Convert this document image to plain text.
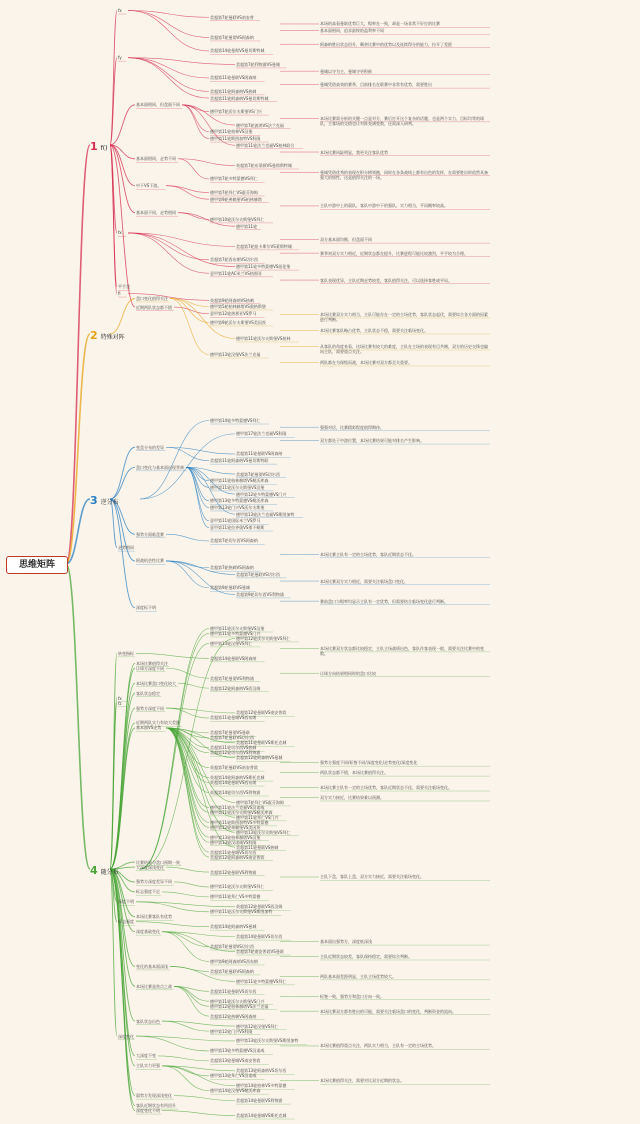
思维矩阵
1 f()
2 特殊对阵
3 逆分布
4 随分布
fx
美超第7轮曼联VS南安普
本场的高看曼联优势巨大，赔率在一致，却是一场非常不好打的比赛
基本面相同，追求最终的盈利率不同
美超第7轮曼彻VS阿森纳
阿森纳胜出状态回升，剩余比赛中的优势以及连续得分的能力，拉开了差距
美超第14轮曼彻VS曼切斯特城
fy
美超第7轮利物浦VS曼城
曼城以守为主，曼城守更积极
美超第11轮曼联VS阿森纳
曼城凭借高效的赛季，目前排名在联赛中非常有优势，需要胜出
美超第11轮阿森纳VS热刺
美超第11轮阿森纳VS曼切斯特城
基本面相同，但盘面不同
德甲第7轮沃尔夫斯堡VS门兴
本场比赛需分析的关键一点是对方，赛后打开这个复杂的话题，也是两个实力、目标均等的球队，主客场的交错也让对阵充满变数，还需深入研判。
德甲第7轮波鸿VS法兰克福
德甲第11轮柏林VS汉堡
德甲第11轮斯图加特VS科隆
德甲第11轮法兰克福VS柏林联合
本场比赛风险明显，我更关注客队优势
基本面相同，走势不同
英超第7轮布莱顿VS曼彻斯特城
曼城凭借优秀的表现在积分榜领跑，同时在各条战线上都有出色的发挥，在需要胜出时依然具备强大的韧性，这是值得关注的一场。
德甲第7轮多特蒙德VS拜仁
中下VS下游。
德甲第7轮拜仁VS霍芬海姆
德甲第9轮弗赖堡VS柏林赫塔
主队中游中上的弱队，客队中游中下的强队，实力相当，平局概率较高。
基本面不同，走势相同
德甲第10轮沃尔夫斯堡VS拜仁
德甲第11轮
fx
双方基本面均衡，但盘面不同
美超第7轮纽卡斯尔VS莱斯特城
赛季初双方实力相近，近期状态都在提升，比赛进程可能比较激烈，平手较为合理。
美超第7轮西布朗VS切尔西
德甲第11轮多特蒙德VS纽伦堡
意甲第11轮AC米兰VS热那亚
客队表现优异，主队近期走势较差，客队值得关注，可以选择客胜或平局。
平手盘
fi
英超第9轮阿森纳VS热刺
近期两队状态都不错
意甲第12轮热那亚VS罗马
盘口变化值得关注
德甲第5轮柏林赫塔VS奥格斯堡
本场比赛双方实力相当，主队可能存在一定的主场优势，客队状态起伏，需要综合各方面的因素进行判断。
德甲第9轮沃尔夫斯堡VS美因茨
本场比赛客队略占优势，主队状态不稳，需要关注临场变化。
德甲第11轮沃尔夫斯堡VS柏林
从客队的角度来看，这场比赛有较大的难度，主队在主场的表现有目共睹，双方的历史交锋也偏向主队，需要重点关注。
德甲第13轮汉堡VS法兰克福
两队都在为保级而战，本场比赛对双方都至关重要。
德甲第14轮多特蒙德VS拜仁
强强对话，比赛精彩程度值得期待。
德甲第17轮法兰克福VS科隆
双方都处于中游位置，本场比赛结果可能对排名产生影响。
变盘分布的差异
美超第11轮曼联VS阿森纳
美超第11轮阿森纳VS曼切斯特联
盘口变化与基本面出现背离
美超第7轮曼彻VS切尔西
德甲第11轮柏林赫塔VS勒沃库森
德甲第11轮沃尔夫斯堡VS汉堡
德甲第12轮多特蒙德VS门兴
德甲第13轮多特蒙德VS勒沃库森
德甲第13轮门兴VS沃尔夫斯堡
德甲第13轮法兰克福VS斯图加特
意甲第11轮国际米兰VS罗马
意甲第11轮拉齐奥VS那不勒斯
强势方面临盘赛
美超第7轮切尔西VS阿森纳
走势相同
本场比赛主队有一定的主场优势，客队近期状态不佳。
阿战机会性比赛
美超第7轮热刺VS阿森纳
美超第7轮曼联VS切尔西
本场比赛双方实力相近，需要关注临场盘口变化。
美超第9轮曼联VS曼城
美超第9轮切尔西VS利物浦
赛前盘口与赔率均显示主队有一定优势，但需要结合临场变化进行判断。
深度标不明
德甲第11轮沃尔夫斯堡VS汉堡
德甲第11轮多特蒙德VS门兴
德甲第12轮沃尔夫斯堡VS拜仁
德甲第13轮汉堡VS拜仁
本场比赛双方状态都比较稳定，主队主场战绩出色，客队作客表现一般，需要关注比赛中的变数。
转变指标
美超第14轮曼联VS阿森纳
本场比赛值得关注
让球方深度不同
让球方向结果相同时的盘口比较
美超第7轮曼彻VS利物浦
本场比赛盘口变化较大
美超第12轮阿森纳VS西汉姆
客队状态稳定
fx
fz
强势方深度不同
美超第12轮曼联VS南安普敦
美超第11轮曼城VS西布朗
近期两队实力有较大差距
基本面VS走势
美超第7轮曼彻VS曼联
美超第7轮曼联VS切尔西
美超第11轮曼联VS斯托克城
美超第11轮切尔西VS热刺
美超第12轮切尔西VS利物浦
美超第12轮阿森纳VS曼城
强势方强度不同/标签不同/深度变化/走势变化/深度变化
英超第7轮曼联VS南安普敦
两队状态都不错，本场比赛值得关注。
英超第14轮阿森纳VS斯托克城
英超第14轮曼联VS西布朗
本场比赛主队有一定的主场优势，客队近期状态不佳，需要关注临场变化。
英超第14轮切尔西VS利物浦
双方实力接近，比赛结果难以预测。
德甲第7轮拜仁VS霍芬海姆
德甲第11轮法兰克福VS汉诺威
德甲第11轮沃尔夫斯堡VS勒沃库森
德甲第11轮拜仁VS门兴
德甲第11轮斯图加特VS多特蒙德
德甲第12轮弗赖堡VS美因茨
德甲第13轮沃尔夫斯堡VS拜仁
德甲第13轮柏林赫塔VS汉堡
德甲第13轮汉诺威VS科隆
美超第11轮曼联VS热刺
美超第11轮曼城VS切尔西
美超第12轮阿森纳VS南安普敦
比赛结果与盘口预期一致
大深度深浅变化
美超第12轮曼联VS利物浦
主队下盘，客队上盘，双方实力接近，需要关注临场变化。
强势方深度差异不同
德甲第11轮沃尔夫斯堡VS拜仁
标志强度不足
德甲第11轮拜仁VS多特蒙德
深度不明
英超第12轮曼联VS西汉姆
德甲第11轮沃尔夫斯堡VS斯图加特
本场比赛客队有优势
标志强度
美超第14轮阿森纳VS曼城
深度基础变化
美超第14轮曼联VS切尔西
基本面出强势方，深度低深浅
美超第7轮曼彻VS切尔西
美超第7轮南安普敦VS曼联
主队近期状态较差，客队保持稳定，需要综合判断。
德甲第9轮阿森纳VS西布朗
变化的基本面深浅
美超第7轮曼联VS阿森纳
两队基本面差距明显，主队主场优势较大。
德甲第11轮多特蒙德VS拜仁
本场比赛是焦点之战
美超第11轮曼联VS切尔西
标签一致，强势方和盘口方向一致。
德甲第11轮沃尔夫斯堡VS门兴
德甲第12轮柏林赫塔VS法兰克福
本场比赛双方都有胜出的可能，需要关注临场盘口的变化，判断资金的流向。
美超第12轮热刺VS阿森纳
客队状态出色
德甲第12轮汉堡VS拜仁
德甲第12轮门兴VS科隆
深度变化
德甲第13轮沃尔夫斯堡VS斯图加特
本场比赛值得重点关注，两队实力相当，主队有一定的主场优势。
德甲第13轮多特蒙德VS汉诺威
大深度不变
美超第13轮曼城VS南安普敦
主队实力更强
美超第13轮阿森纳VS切尔西
德甲第13轮拜仁VS汉诺威
本场比赛值得关注，需要对比双方近期的状态。
德甲第14轮柏林VS多特蒙德
德甲第14轮汉堡VS勒沃库森
弱势方发现深浅变化
美超第14轮曼联VS利物浦
客队近期状态有所回升
深度变化不明
美超第14轮曼城VS斯托克城
